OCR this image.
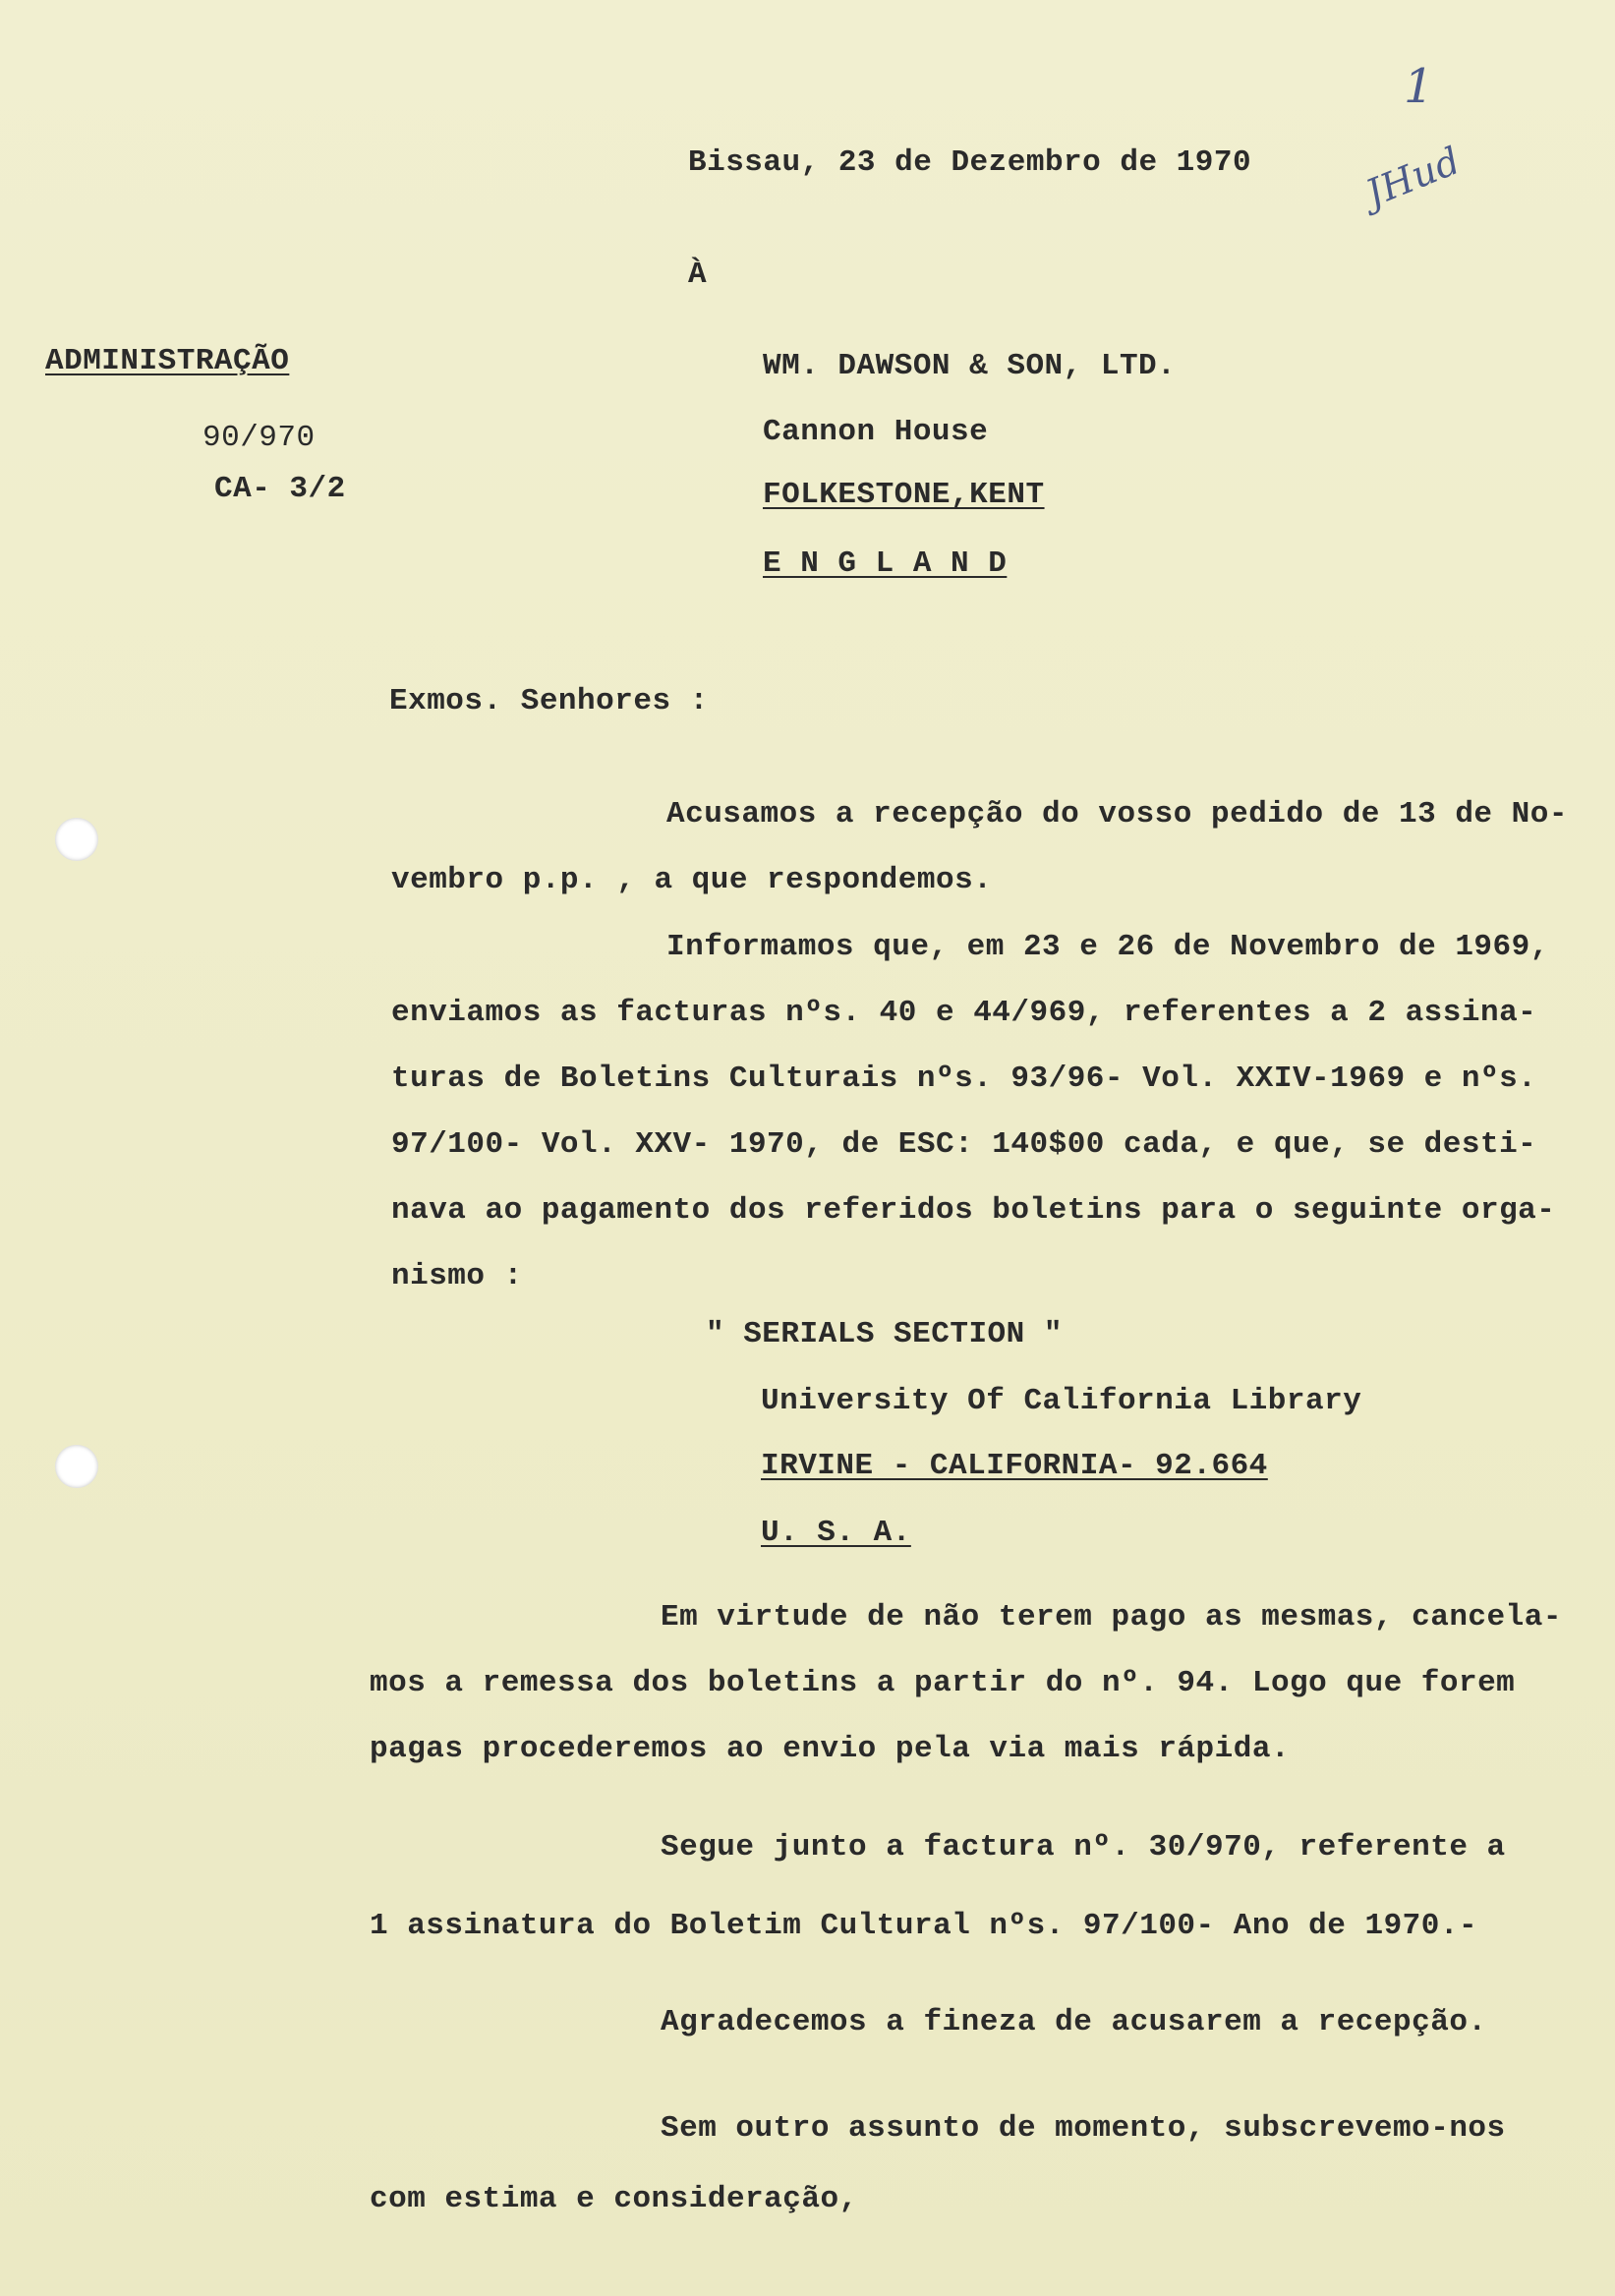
1
JHud
Bissau, 23 de Dezembro de 1970
À
ADMINISTRAÇÃO
90/970
CA- 3/2
WM. DAWSON & SON, LTD.
Cannon House
FOLKESTONE,KENT
E N G L A N D
Exmos. Senhores :
Acusamos a recepção do vosso pedido de 13 de No-
vembro p.p. , a que respondemos.
Informamos que, em 23 e 26 de Novembro de 1969,
enviamos as facturas nºs. 40 e 44/969, referentes a 2 assina-
turas de Boletins Culturais nºs. 93/96- Vol. XXIV-1969 e nºs.
97/100- Vol. XXV- 1970, de ESC: 140$00 cada, e que, se desti-
nava ao pagamento dos referidos boletins para o seguinte orga-
nismo :
" SERIALS SECTION "
University Of California Library
IRVINE - CALIFORNIA- 92.664
U. S. A.
Em virtude de não terem pago as mesmas, cancela-
mos a remessa dos boletins a partir do nº. 94. Logo que forem
pagas procederemos ao envio pela via mais rápida.
Segue junto a factura nº. 30/970, referente a
1 assinatura do Boletim Cultural nºs. 97/100- Ano de 1970.-
Agradecemos a fineza de acusarem a recepção.
Sem outro assunto de momento, subscrevemo-nos
com estima e consideração,
